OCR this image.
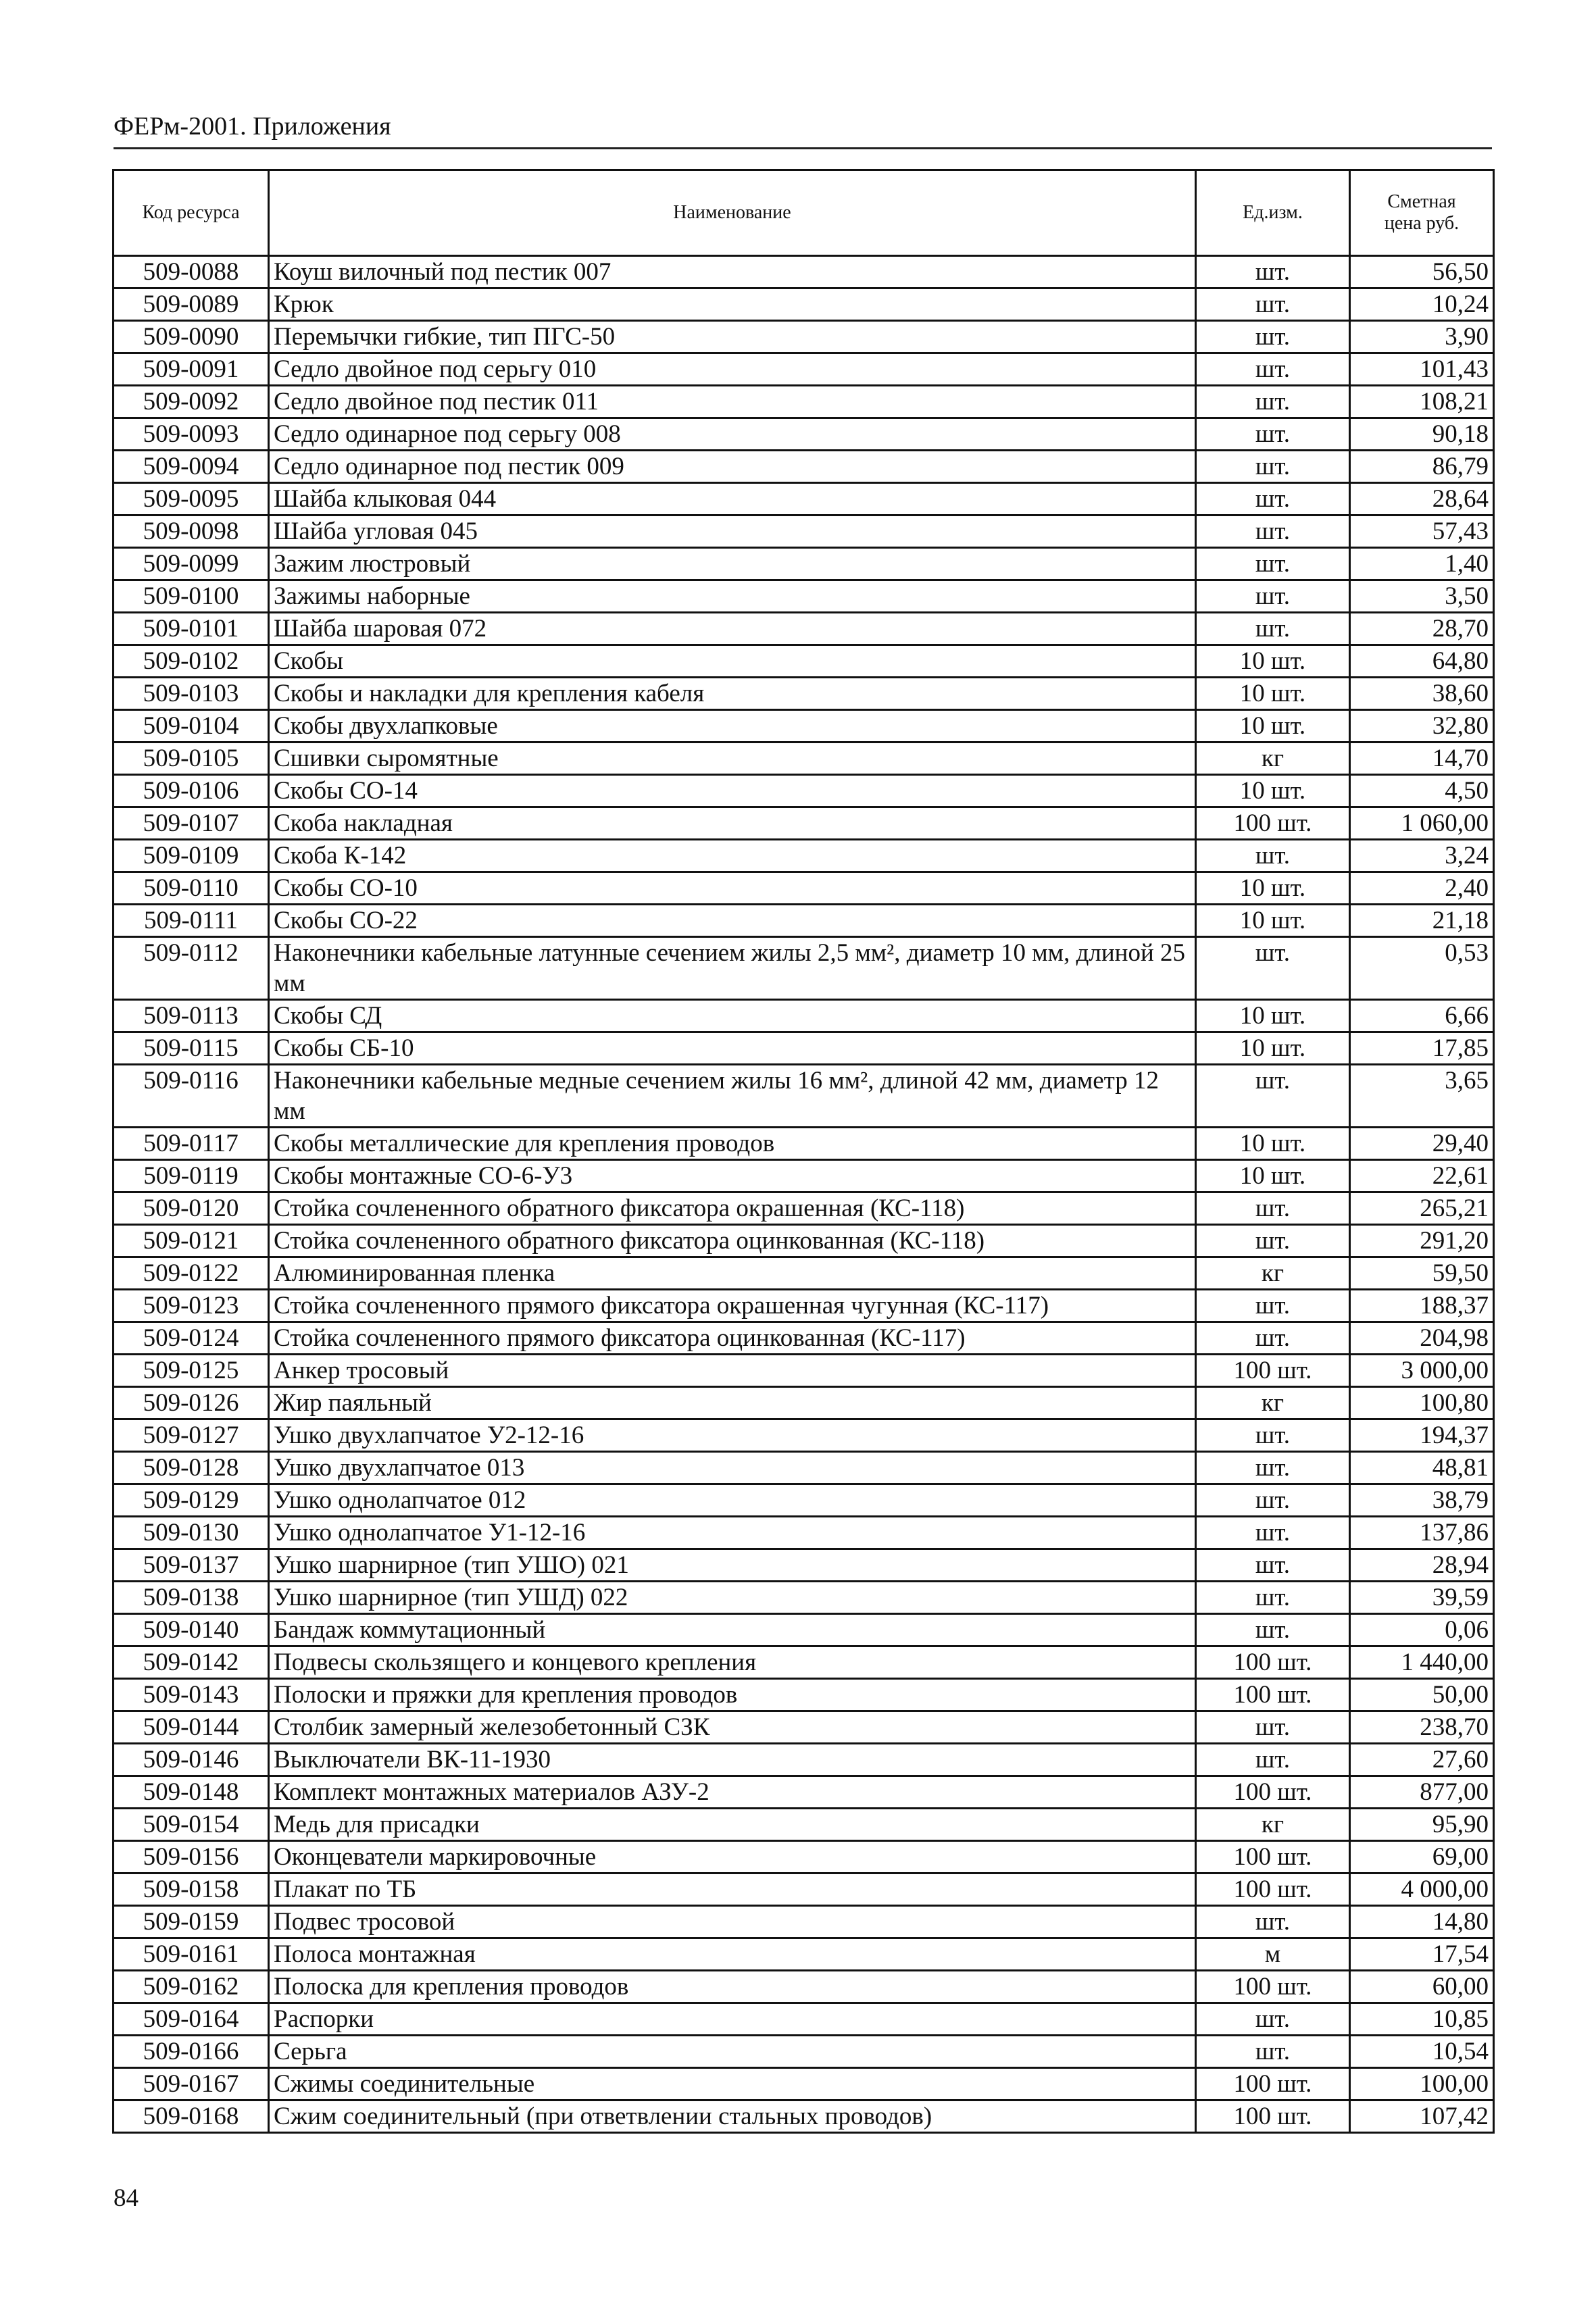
ФЕРм-2001. Приложения
Код ресурса	Наименование	Ед.изм.	Сметная цена руб.
509-0088	Коуш вилочный под пестик 007	шт.	56,50
509-0089	Крюк	шт.	10,24
509-0090	Перемычки гибкие, тип ПГС-50	шт.	3,90
509-0091	Седло двойное под серьгу 010	шт.	101,43
509-0092	Седло двойное под пестик 011	шт.	108,21
509-0093	Седло одинарное под серьгу 008	шт.	90,18
509-0094	Седло одинарное под пестик 009	шт.	86,79
509-0095	Шайба клыковая 044	шт.	28,64
509-0098	Шайба угловая 045	шт.	57,43
509-0099	Зажим люстровый	шт.	1,40
509-0100	Зажимы наборные	шт.	3,50
509-0101	Шайба шаровая 072	шт.	28,70
509-0102	Скобы	10 шт.	64,80
509-0103	Скобы и накладки для крепления кабеля	10 шт.	38,60
509-0104	Скобы двухлапковые	10 шт.	32,80
509-0105	Сшивки сыромятные	кг	14,70
509-0106	Скобы СО-14	10 шт.	4,50
509-0107	Скоба накладная	100 шт.	1 060,00
509-0109	Скоба К-142	шт.	3,24
509-0110	Скобы СО-10	10 шт.	2,40
509-0111	Скобы СО-22	10 шт.	21,18
509-0112	Наконечники кабельные латунные сечением жилы 2,5 мм², диаметр 10 мм, длиной 25 мм	шт.	0,53
509-0113	Скобы СД	10 шт.	6,66
509-0115	Скобы СБ-10	10 шт.	17,85
509-0116	Наконечники кабельные медные сечением жилы 16 мм², длиной 42 мм, диаметр 12 мм	шт.	3,65
509-0117	Скобы металлические для крепления проводов	10 шт.	29,40
509-0119	Скобы монтажные СО-6-У3	10 шт.	22,61
509-0120	Стойка сочлененного обратного фиксатора окрашенная (КС-118)	шт.	265,21
509-0121	Стойка сочлененного обратного фиксатора оцинкованная (КС-118)	шт.	291,20
509-0122	Алюминированная пленка	кг	59,50
509-0123	Стойка сочлененного прямого фиксатора окрашенная чугунная (КС-117)	шт.	188,37
509-0124	Стойка сочлененного прямого фиксатора оцинкованная (КС-117)	шт.	204,98
509-0125	Анкер тросовый	100 шт.	3 000,00
509-0126	Жир паяльный	кг	100,80
509-0127	Ушко двухлапчатое У2-12-16	шт.	194,37
509-0128	Ушко двухлапчатое 013	шт.	48,81
509-0129	Ушко однолапчатое 012	шт.	38,79
509-0130	Ушко однолапчатое У1-12-16	шт.	137,86
509-0137	Ушко шарнирное (тип УШО) 021	шт.	28,94
509-0138	Ушко шарнирное (тип УШД) 022	шт.	39,59
509-0140	Бандаж коммутационный	шт.	0,06
509-0142	Подвесы скользящего и концевого крепления	100 шт.	1 440,00
509-0143	Полоски и пряжки для крепления проводов	100 шт.	50,00
509-0144	Столбик замерный железобетонный СЗК	шт.	238,70
509-0146	Выключатели ВК-11-1930	шт.	27,60
509-0148	Комплект монтажных материалов АЗУ-2	100 шт.	877,00
509-0154	Медь для присадки	кг	95,90
509-0156	Оконцеватели маркировочные	100 шт.	69,00
509-0158	Плакат по ТБ	100 шт.	4 000,00
509-0159	Подвес тросовой	шт.	14,80
509-0161	Полоса монтажная	м	17,54
509-0162	Полоска для крепления проводов	100 шт.	60,00
509-0164	Распорки	шт.	10,85
509-0166	Серьга	шт.	10,54
509-0167	Сжимы соединительные	100 шт.	100,00
509-0168	Сжим соединительный (при ответвлении стальных проводов)	100 шт.	107,42
84
